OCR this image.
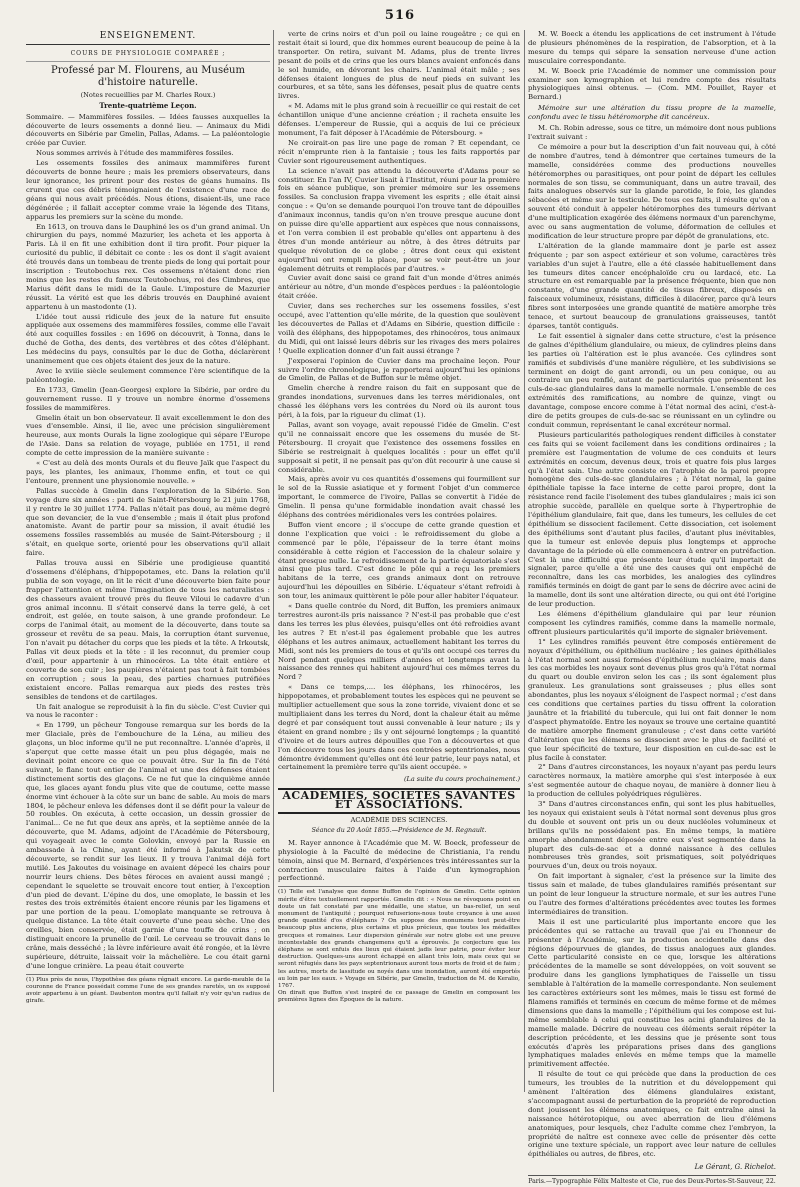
516
ENSEIGNEMENT.
COURS DE PHYSIOLOGIE COMPARÉE ;
Professé par M. Flourens, au Muséum d'histoire naturelle.
(Notes recueillies par M. Charles Roux.)
Trente-quatrième Leçon.

Sommaire. — Mammifères fossiles. — Idées fausses auxquelles la découverte de leurs ossements a donné lieu. — Animaux du Midi découverts en Sibérie par Gmelin, Pallas, Adams. — La paléontologie créée par Cuvier.

Nous sommes arrivés à l'étude des mammifères fossiles.

Les ossements fossiles des animaux mammifères furent découverts de bonne heure ; mais les premiers observateurs, dans leur ignorance, les prirent pour des restes de géans humains. Ils crurent que ces débris témoignaient de l'existence d'une race de géans qui nous avait précédés. Nous étions, disaient-ils, une race dégénérée ; il fallait accepter comme vraie la légende des Titans, apparus les premiers sur la scène du monde.

En 1613, on trouva dans le Dauphiné les os d'un grand animal. Un chirurgien du pays, nommé Mazurier, les acheta et les apporta à Paris. Là il en fit une exhibition dont il tira profit. Pour piquer la curiosité du public, il débitait ce conte : les os dont il s'agit avaient été trouvés dans un tombeau de trente pieds de long qui portait pour inscription : Teutobochus rex. Ces ossemens n'étaient donc rien moins que les restes du fameux Teutobochus, roi des Cimbres, que Marius défit dans le midi de la Gaule. L'imposture de Mazurier réussit. La vérité est que les débris trouvés en Dauphiné avaient appartenu à un mastodonte (1).

L'idée tout aussi ridicule des jeux de la nature fut ensuite appliquée aux ossemens des mammifères fossiles, comme elle l'avait été aux coquilles fossiles : en 1696 on découvrit, à Tonna, dans le duché de Gotha, des dents, des vertèbres et des côtes d'éléphant. Les médecins du pays, consultés par le duc de Gotha, déclarèrent unanimement que ces objets étaient des jeux de la nature.

Avec le xviiie siècle seulement commence l'ère scientifique de la paléontologie.

En 1733, Gmelin (Jean-Georges) explore la Sibérie, par ordre du gouvernement russe. Il y trouve un nombre énorme d'ossemens fossiles de mammifères.

Gmelin était un bon observateur. Il avait excellemment le don des vues d'ensemble. Ainsi, il lie, avec une précision singulièrement heureuse, aux monts Ourals la ligne zoologique qui sépare l'Europe de l'Asie. Dans sa relation de voyage, publiée en 1751, il rend compte de cette impression de la manière suivante :

« C'est au delà des monts Ourals et du fleuve Jaïk que l'aspect du pays, les plantes, les animaux, l'homme enfin, et tout ce qui l'entoure, prennent une physionomie nouvelle. »

Pallas succède à Gmelin dans l'exploration de la Sibérie. Son voyage dure six années : parti de Saint-Pétersbourg le 21 juin 1768, il y rentre le 30 juillet 1774. Pallas n'était pas doué, au même degré que son devancier, de la vue d'ensemble ; mais il était plus profond anatomiste. Avant de partir pour sa mission, il avait étudié les ossemens fossiles rassemblés au musée de Saint-Pétersbourg ; il s'était, en quelque sorte, orienté pour les observations qu'il allait faire.

Pallas trouva aussi en Sibérie une prodigieuse quantité d'ossemens d'éléphans, d'hippopotames, etc. Dans la relation qu'il publia de son voyage, on lit le récit d'une découverte bien faite pour frapper l'attention et même l'imagination de tous les naturalistes : des chasseurs avaient trouvé près du fleuve Viloui le cadavre d'un gros animal inconnu. Il s'était conservé dans la terre gelé, à cet endroit, est gelée, en toute saison, à une grande profondeur. Le corps de l'animal était, au moment de la découverte, dans toute sa grosseur et revêtu de sa peau. Mais, la corruption étant survenue, l'on n'avait pu détacher du corps que les pieds et la tête. A Irkoutsk, Pallas vit deux pieds et la tête : il les reconnut, du premier coup d'œil, pour appartenir à un rhinocéros. La tête était entière et couverte de son cuir ; les paupières n'étaient pas tout à fait tombées en corruption ; sous la peau, des parties charnues putréfiées existaient encore. Pallas remarqua aux pieds des restes très sensibles de tendons et de cartilages.

Un fait analogue se reproduisit à la fin du siècle. C'est Cuvier qui va nous le raconter :

« En 1799, un pêcheur Tongouse remarqua sur les bords de la mer Glaciale, près de l'embouchure de la Léna, au milieu des glaçons, un bloc informe qu'il ne put reconnaître. L'année d'après, il s'aperçut que cette masse était un peu plus dégagée, mais ne devinait point encore ce que ce pouvait être. Sur la fin de l'été suivant, le flanc tout entier de l'animal et une des défenses étaient distinctement sortis des glaçons. Ce ne fut que la cinquième année que, les glaces ayant fondu plus vite que de coutume, cette masse énorme vint échouer à la côte sur un banc de sable. Au mois de mars 1804, le pêcheur enleva les défenses dont il se défit pour la valeur de 50 roubles. On exécuta, à cette occasion, un dessin grossier de l'animal... Ce ne fut que deux ans après, et la septième année de la découverte, que M. Adams, adjoint de l'Académie de Pétersbourg, qui voyageait avec le comte Golovkin, envoyé par la Russie en ambassade à la Chine, ayant été informé à Jakutsk de cette découverte, se rendit sur les lieux. Il y trouva l'animal déjà fort mutilé. Les Jakoutes du voisinage en avaient dépecé les chairs pour nourrir leurs chiens. Des bêtes féroces en avaient aussi mangé ; cependant le squelette se trouvait encore tout entier, à l'exception d'un pied de devant. L'épine du dos, une omoplate, le bassin et les restes des trois extrémités étaient encore réunis par les ligamens et par une portion de la peau. L'omoplate manquante se retrouva à quelque distance. La tête était couverte d'une peau sèche. Une des oreilles, bien conservée, était garnie d'une touffe de crins ; on distinguait encore la prunelle de l'œil. Le cerveau se trouvait dans le crâne, mais desséché ; la lèvre inférieure avait été rongée, et la lèvre supérieure, détruite, laissait voir la mâchelière. Le cou était garni d'une longue crinière. La peau était couverte

(1) Plus près de nous, l'hypothèse des géans régnait encore. Le garde-meuble de la couronne de France possédait comme l'une de ses grandes raretés, un os supposé avoir appartenu à un géant. Daubenton montra qu'il fallait n'y voir qu'un radius de girafe.

verte de crins noirs et d'un poil ou laine rougeâtre ; ce qui en restait était si lourd, que dix hommes eurent beaucoup de peine à la transporter. On retira, suivant M. Adams, plus de trente livres pesant de poils et de crins que les ours blancs avaient enfoncés dans le sol humide, en dévorant les chairs. L'animal était mâle ; ses défenses étaient longues de plus de neuf pieds en suivant les courbures, et sa tête, sans les défenses, pesait plus de quatre cents livres.

« M. Adams mit le plus grand soin à recueillir ce qui restait de cet échantillon unique d'une ancienne création ; il racheta ensuite les défenses. L'empereur de Russie, qui a acquis de lui ce précieux monument, l'a fait déposer à l'Académie de Pétersbourg. »

Ne croirait-on pas lire une page de roman ? Et cependant, ce récit n'emprunte rien à la fantaisie ; tous les faits rapportés par Cuvier sont rigoureusement authentiques.

La science n'avait pas attendu la découverte d'Adams pour se constituer. En l'an IV, Cuvier lisait à l'Institut, réuni pour la première fois en séance publique, son premier mémoire sur les ossemens fossiles. Sa conclusion frappa vivement les esprits ; elle était ainsi conçue : « Qu'on se demande pourquoi l'on trouve tant de dépouilles d'animaux inconnus, tandis qu'on n'en trouve presque aucune dont on puisse dire qu'elle appartient aux espèces que nous connaissons, et l'on verra combien il est probable qu'elles ont appartenu à des êtres d'un monde antérieur au nôtre, à des êtres détruits par quelque révolution de ce globe ; êtres dont ceux qui existent aujourd'hui ont rempli la place, pour se voir peut-être un jour également détruits et remplacés par d'autres. »

Cuvier avait donc saisi ce grand fait d'un monde d'êtres animés antérieur au nôtre, d'un monde d'espèces perdues : la paléontologie était créée.

Cuvier, dans ses recherches sur les ossemens fossiles, s'est occupé, avec l'attention qu'elle mérite, de la question que soulèvent les découvertes de Pallas et d'Adams en Sibérie, question difficile : voilà des éléphans, des hippopotames, des rhinocéros, tous animaux du Midi, qui ont laissé leurs débris sur les rivages des mers polaires ! Quelle explication donner d'un fait aussi étrange ?

J'exposerai l'opinion de Cuvier dans ma prochaine leçon. Pour suivre l'ordre chronologique, je rapporterai aujourd'hui les opinions de Gmelin, de Pallas et de Buffon sur le même objet.

Gmelin cherche à rendre raison du fait en supposant que de grandes inondations, survenues dans les terres méridionales, ont chassé les éléphans vers les contrées du Nord où ils auront tous péri, à la fois, par la rigueur du climat (1).

Pallas, avant son voyage, avait repoussé l'idée de Gmelin. C'est qu'il ne connaissait encore que les ossemens du musée de St-Pétersbourg. Il croyait que l'existence des ossemens fossiles en Sibérie se restreignait à quelques localités : pour un effet qu'il supposait si petit, il ne pensait pas qu'on dût recourir à une cause si considérable.

Mais, après avoir vu ces quantités d'ossemens qui fourmillent sur le sol de la Russie asiatique et y forment l'objet d'un commerce important, le commerce de l'ivoire, Pallas se convertit à l'idée de Gmelin. Il pensa qu'une formidable inondation avait chassé les éléphans des contrées méridionales vers les contrées polaires.

Buffon vient encore ; il s'occupe de cette grande question et donne l'explication que voici : le refroidissement du globe a commencé par le pôle, l'épaisseur de la terre étant moins considérable à cette région et l'accession de la chaleur solaire y étant presque nulle. Le refroidissement de la partie équatoriale s'est ainsi que plus tard. C'est donc le pôle qui a reçu les premiers habitans de la terre, ces grands animaux dont on retrouve aujourd'hui les dépouilles en Sibérie. L'équateur s'étant refroidi à son tour, les animaux quittèrent le pôle pour aller habiter l'équateur.

« Dans quelle contrée du Nord, dit Buffon, les premiers animaux terrestres auront-ils pris naissance ? N'est-il pas probable que c'est dans les terres les plus élevées, puisqu'elles ont été refroidies avant les autres ? Et n'est-il pas également probable que les autres éléphans et les autres animaux, actuellement habitant les terres du Midi, sont nés les premiers de tous et qu'ils ont occupé ces terres du Nord pendant quelques milliers d'années et longtemps avant la naissance des rennes qui habitent aujourd'hui ces mêmes terres du Nord ?

« Dans ce temps,.... les éléphans, les rhinocéros, les hippopotames, et probablement toutes les espèces qui ne peuvent se multiplier actuellement que sous la zone torride, vivaient donc et se multipliaient dans les terres du Nord, dont la chaleur était au même degré et par conséquent tout aussi convenable à leur nature ; ils y étaient en grand nombre ; ils y ont séjourné longtemps ; la quantité d'ivoire et de leurs autres dépouilles que l'on a découvertes et que l'on découvre tous les jours dans ces contrées septentrionales, nous démontre évidemment qu'elles ont été leur patrie, leur pays natal, et certainement la première terre qu'ils aient occupée. »

(La suite du cours prochainement.)
ACADÉMIES, SOCIÉTÉS SAVANTES ET ASSOCIATIONS.
ACADÉMIE DES SCIENCES.
Séance du 20 Août 1855.—Présidence de M. Regnault.

M. Rayer annonce à l'Académie que M. W. Boeck, professeur de physiologie à la Faculté de médecine de Christiania, l'a rendu témoin, ainsi que M. Bernard, d'expériences très intéressantes sur la contraction musculaire faites à l'aide d'un kymographion perfectionné.

(1) Telle est l'analyse que donne Buffon de l'opinion de Gmelin. Cette opinion mérite d'être textuellement rapportée. Gmelin dit : « Nous ne révoquons point en doute un fait constaté par une médaille, une statue, un bas-relief, un seul monument de l'antiquité ; pourquoi refuserions-nous toute croyance à une aussi grande quantité d'os d'éléphans ? On suppose des monumens tout peut-être beaucoup plus anciens, plus certains et plus précieux, que toutes les médailles grecques et romaines. Leur dispersion générale sur notre globe est une preuve incontestable des grands changemens qu'il a éprouvés. Je conjecture que les éléphans se sont enfuis des lieux qui étaient jadis leur patrie, pour éviter leur destruction. Quelques-uns auront échappé en allant très loin, mais ceux qui se seront réfugiés dans les pays septentrionaux auront tous morts de froid et de faim ; les autres, morts de lassitude ou noyés dans une inondation, auront été emportés au loin par les eaux. » Voyage en Sibérie, par Gmelin, traduction de M. de Keralio, 1767.
On dirait que Buffon s'est inspiré de ce passage de Gmelin en composant les premières lignes des Époques de la nature.

M. W. Boeck a étendu les applications de cet instrument à l'étude de plusieurs phénomènes de la respiration, de l'absorption, et à la mesure du temps qui sépare la sensation nerveuse d'une action musculaire correspondante.

M. W. Boeck prie l'Académie de nommer une commission pour examiner son kymographion et lui rendre compte des résultats physiologiques ainsi obtenus. — (Com. MM. Pouillet, Rayer et Bernard.)

Mémoire sur une altération du tissu propre de la mamelle, confondu avec le tissu hétéromorphe dit cancéreux.

M. Ch. Robin adresse, sous ce titre, un mémoire dont nous publions l'extrait suivant :

Ce mémoire a pour but la description d'un fait nouveau qui, à côté de nombre d'autres, tend à démontrer que certaines tumeurs de la mamelle, considérées comme des productions nouvelles hétéromorphes ou parasitiques, ont pour point de départ les cellules normales de son tissu, se communiquant, dans un autre travail, des faits analogues observés sur la glande parotide, le foie, les glandes sébacées et même sur le testicule. De tous ces faits, il résulte qu'on a souvent été conduit à appeler hétéromorphes des tumeurs dérivant d'une multiplication exagérée des élémens normaux d'un parenchyme, avec ou sans augmentation de volume, déformation de cellules et modification de leur structure propre par dépôt de granulations, etc.

L'altération de la glande mammaire dont je parle est assez fréquente ; par son aspect extérieur et son volume, caractères très variables d'un sujet à l'autre, elle a été classée habituellement dans les tumeurs dites cancer encéphaloïde cru ou lardacé, etc. La structure en est remarquable par la présence fréquente, bien que non constante, d'une grande quantité de tissus fibreux, disposés en faisceaux volumineux, résistans, difficiles à dilacérer, parce qu'à leurs fibres sont interposées une grande quantité de matière amorphe très tenace, et surtout beaucoup de granulations graisseuses, tantôt éparses, tantôt contiguës.

Le fait essentiel à signaler dans cette structure, c'est la présence de galnes d'épithélium glandulaire, ou mieux, de cylindres pleins dans les parties où l'altération est le plus avancée. Ces cylindres sont ramifiés et subdivisés d'une manière régulière, et les subdivisions se terminent en doigt de gant arrondi, ou un peu conique, ou au contraire un peu renflé, autant de particularités que présentent les culs-de-sac glandulaires dans la mamelle normale. L'ensemble de ces extrémités des ramifications, au nombre de quinze, vingt ou davantage, compose encore comme à l'état normal des acini, c'est-à-dire de petits groupes de culs-de-sac se réunissant en un cylindre ou conduit commun, représentant le canal excréteur normal.

Plusieurs particularités pathologiques rendent difficiles à constater ces faits qui se voient facilement dans les conditions ordinaires ; la première est l'augmentation de volume de ces conduits et leurs extrémités en cœcum, devenus deux, trois et quatre fois plus larges qu'à l'état sain. Une autre consiste en l'atrophie de la paroi propre homogène des culs-de-sac glandulaires ; à l'état normal, la gaine épithéliale tapisse la face interne de cette paroi propre, dont la résistance rend facile l'isolement des tubes glandulaires ; mais ici son atrophie succède, parallèle en quelque sorte à l'hypertrophie de l'épithélium glandulaire, fait que, dans les tumeurs, les cellules de cet épithélium se dissocient facilement. Cette dissociation, cet isolement des épithéliums sont d'autant plus faciles, d'autant plus inévitables, que la tumeur est enlevée depuis plus longtemps et approche davantage de la période où elle commencera à entrer en putréfaction. C'est là une difficulté que présente leur étude qu'il importait de signaler, parce qu'elle a été une des causes qui ont empêché de reconnaître, dans les cas morbides, les analogies des cylindres ramifiés terminés en doigt de gant par le sens de décrire avec acini de la mamelle, dont ils sont une altération directe, ou qui ont été l'origine de leur production.

Les élémens d'épithélium glandulaire qui par leur réunion composent les cylindres ramifiés, comme dans la mamelle normale, offrent plusieurs particularités qu'il importe de signaler brièvement.

1° Les cylindres ramifiés peuvent être composés entièrement de noyaux d'épithélium, ou épithélium nucléaire ; les gaines épithéliales à l'état normal sont aussi formées d'épithélium nucléaire, mais dans les cas morbides les noyaux sont devenus plus gros qu'à l'état normal du quart ou double environ selon les cas ; ils sont également plus granuleux. Les granulations sont graisseuses ; plus elles sont abondantes, plus les noyaux s'éloignent de l'aspect normal ; c'est dans ces conditions que certaines parties du tissu offrent la coloration jaunâtre et la friabilité du tubercule, qui lui ont fait donner le nom d'aspect phymatoïde. Entre les noyaux se trouve une certaine quantité de matière amorphe finement granuleuse ; c'est dans cette variété d'altération que les élémens se dissocient avec le plus de facilité et que leur spécificité de texture, leur disposition en cul-de-sac est le plus facile à constater.

2° Dans d'autres circonstances, les noyaux n'ayant pas perdu leurs caractères normaux, la matière amorphe qui s'est interposée à eux s'est segmentée autour de chaque noyau, de manière à donner lieu à la production de cellules polyédriques régulières.

3° Dans d'autres circonstances enfin, qui sont les plus habituelles, les noyaux qui existaient seuls à l'état normal sont devenus plus gros du double et souvent ont pris un ou deux nucléoles volumineux et brillans qu'ils ne possédaient pas. En même temps, la matière amorphe abondamment déposée entre eux s'est segmentée dans la plupart des culs-de-sac et a donné naissance à des cellules nombreuses très grandes, soit prismatiques, soit polyédriques pourvues d'un, deux ou trois noyaux.

On fait important à signaler, c'est la présence sur la limite des tissus sain et malade, de tubes glandulaires ramifiés présentant sur un point de leur longueur la structure normale, et sur les autres l'une ou l'autre des formes d'altérations précédentes avec toutes les formes intermédiaires de transition.

Mais il est une particularité plus importante encore que les précédentes qui se rattache au travail que j'ai eu l'honneur de présenter à l'Académie, sur la production accidentelle dans des régions dépourvues de glandes, de tissus analogues aux glandes. Cette particularité consiste en ce que, lorsque les altérations précédentes de la mamelle se sont développées, on voit souvent se produire dans les ganglions lymphatiques de l'aisselle un tissu semblable à l'altération de la mamelle correspondante. Non seulement les caractères extérieurs sont les mêmes, mais le tissu est formé de filamens ramifiés et terminés en cœcum de même forme et de mêmes dimensions que dans la mamelle ; l'épithélium qui les compose est lui-même semblable à celui qui constitue les acini glandulaires de la mamelle malade. Décrire de nouveau ces éléments serait répéter la description précédente, et les dessins que je présente sont tous exécutés d'après les préparations prises dans des ganglions lymphatiques malades enlevés en même temps que la mamelle primitivement affectée.

Il résulte de tout ce qui précède que dans la production de ces tumeurs, les troubles de la nutrition et du développement qui amènent l'altération des élémens glandulaires existant, s'accompagnant aussi de perturbation de la propriété de reproduction dont jouissent les élémens anatomiques, ce fait entraîne ainsi la naissance hétérotopique, ou avec aberration de lieu d'élémens anatomiques, pour lesquels, chez l'adulte comme chez l'embryon, la propriété de naître est connexe avec celle de présenter dès cette origine une texture spéciale, un rapport avec leur nature de cellules épithéliales ou autres, de fibres, etc.

Le Gérant, G. Richelot.
Paris.—Typographie Félix Malteste et Cie, rue des Deux-Portes-St-Sauveur, 22.
